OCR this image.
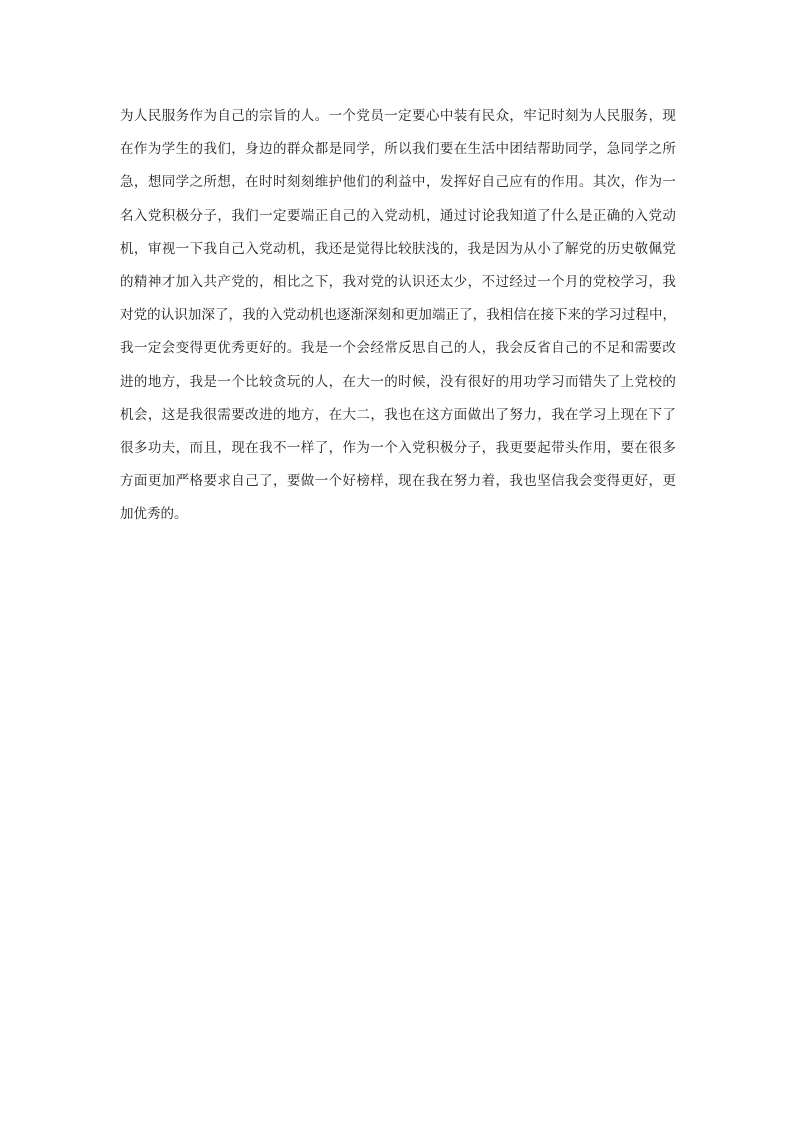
为 人 民 服 务 作 为 自 己 的 宗 旨 的 人 。 一 个 党 员 一 定 要 心 中 装 有 民 众 ， 牢 记 时 刻 为 人 民 服 务 ， 现
在 作 为 学 生 的 我 们 ， 身 边 的 群 众 都 是 同 学 ， 所 以 我 们 要 在 生 活 中 团 结 帮 助 同 学 ， 急 同 学 之 所
急 ， 想 同 学 之 所 想 ， 在 时 时 刻 刻 维 护 他 们 的 利 益 中 ， 发 挥 好 自 己 应 有 的 作 用 。 其 次 ， 作 为 一
名 入 党 积 极 分 子 ， 我 们 一 定 要 端 正 自 己 的 入 党 动 机 ， 通 过 讨 论 我 知 道 了 什 么 是 正 确 的 入 党 动
机 ， 审 视 一 下 我 自 己 入 党 动 机 ， 我 还 是 觉 得 比 较 肤 浅 的 ， 我 是 因 为 从 小 了 解 党 的 历 史 敬 佩 党
的 精 神 才 加 入 共 产 党 的 ， 相 比 之 下 ， 我 对 党 的 认 识 还 太 少 ， 不 过 经 过 一 个 月 的 党 校 学 习 ， 我
对 党 的 认 识 加 深 了 ， 我 的 入 党 动 机 也 逐 渐 深 刻 和 更 加 端 正 了 ， 我 相 信 在 接 下 来 的 学 习 过 程 中 ，
我 一 定 会 变 得 更 优 秀 更 好 的 。 我 是 一 个 会 经 常 反 思 自 己 的 人 ， 我 会 反 省 自 己 的 不 足 和 需 要 改
进 的 地 方 ， 我 是 一 个 比 较 贪 玩 的 人 ， 在 大 一 的 时 候 ， 没 有 很 好 的 用 功 学 习 而 错 失 了 上 党 校 的
机 会 ， 这 是 我 很 需 要 改 进 的 地 方 ， 在 大 二 ， 我 也 在 这 方 面 做 出 了 努 力 ， 我 在 学 习 上 现 在 下 了
很 多 功 夫 ， 而 且 ， 现 在 我 不 一 样 了 ， 作 为 一 个 入 党 积 极 分 子 ， 我 更 要 起 带 头 作 用 ， 要 在 很 多
方 面 更 加 严 格 要 求 自 己 了 ， 要 做 一 个 好 榜 样 ， 现 在 我 在 努 力 着 ， 我 也 坚 信 我 会 变 得 更 好 ， 更
加优秀的。
